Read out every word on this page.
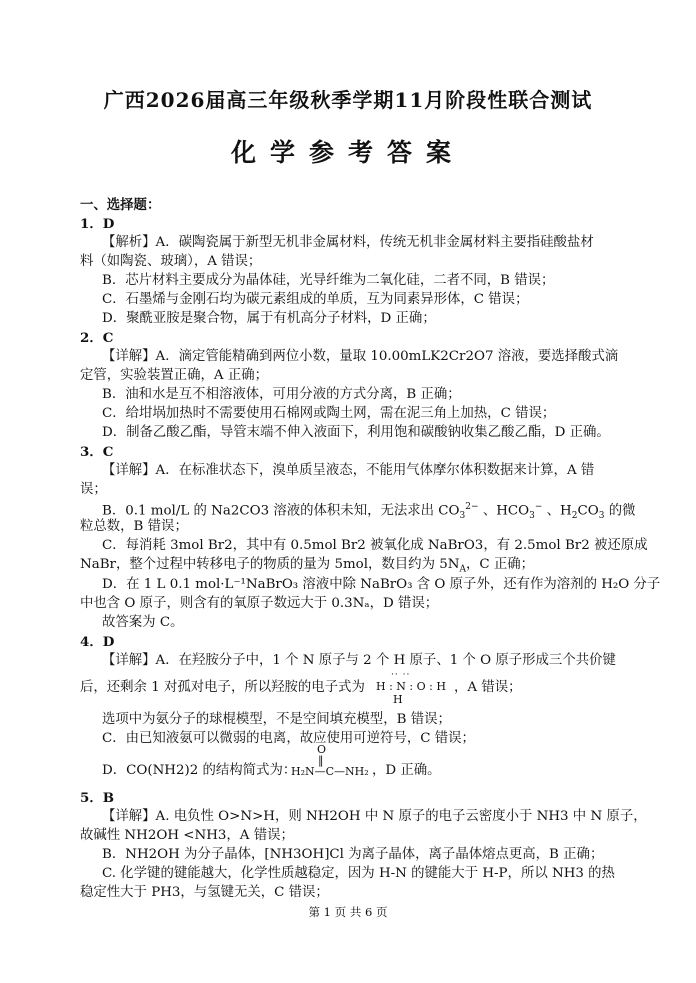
广西2026届高三年级秋季学期11月阶段性联合测试
化学参考答案
一、选择题：
1．D
【解析】A．碳陶瓷属于新型无机非金属材料，传统无机非金属材料主要指硅酸盐材
料（如陶瓷、玻璃），A 错误；
B．芯片材料主要成分为晶体硅，光导纤维为二氧化硅，二者不同，B 错误；
C．石墨烯与金刚石均为碳元素组成的单质，互为同素异形体，C 错误；
D．聚酰亚胺是聚合物，属于有机高分子材料，D 正确；
2．C
【详解】A．滴定管能精确到两位小数，量取 10.00mLK2Cr2O7 溶液，要选择酸式滴
定管，实验装置正确，A 正确；
B．油和水是互不相溶液体，可用分液的方式分离，B 正确；
C．给坩埚加热时不需要使用石棉网或陶土网，需在泥三角上加热，C 错误；
D．制备乙酸乙酯，导管末端不伸入液面下，利用饱和碳酸钠收集乙酸乙酯，D 正确。
3．C
【详解】A．在标准状态下，溴单质呈液态，不能用气体摩尔体积数据来计算，A 错
误；
B．0.1 mol/L 的 Na2CO3 溶液的体积未知，无法求出 $CO_3^{2-}$ 、$HCO_3^-$ 、$H_2CO_3$ 的微
粒总数，B 错误；
C．每消耗 3mol Br2，其中有 0.5mol Br2 被氧化成 NaBrO3，有 2.5mol Br2 被还原成
NaBr，整个过程中转移电子的物质的量为 5mol，数目约为 $5N_A$，C 正确；
D．在 1 L 0.1 mol·L⁻¹NaBrO₃ 溶液中除 NaBrO₃ 含 O 原子外，还有作为溶剂的 H₂O 分子
中也含 O 原子，则含有的氧原子数远大于 0.3Nₐ，D 错误；
故答案为 C。
4．D
【详解】A．在羟胺分子中，1 个 N 原子与 2 个 H 原子、1 个 O 原子形成三个共价键
后，还剩余 1 对孤对电子，所以羟胺的电子式为
·· ··
H : N : O : H
H
，A 错误；
选项中为氨分子的球棍模型，不是空间填充模型，B 错误；
C．由已知液氨可以微弱的电离，故应使用可逆符号，C 错误；
D．CO(NH2)2 的结构简式为：
O
‖
H₂N—C—NH₂ ，D 正确。
5．B
【详解】A. 电负性 O>N>H，则 NH2OH 中 N 原子的电子云密度小于 NH3 中 N 原子，
故碱性 NH2OH <NH3，A 错误；
B．NH2OH 为分子晶体，[NH3OH]Cl 为离子晶体，离子晶体熔点更高，B 正确；
C. 化学键的键能越大，化学性质越稳定，因为 H-N 的键能大于 H-P，所以 NH3 的热
稳定性大于 PH3，与氢键无关，C 错误；
第 1 页 共 6 页
